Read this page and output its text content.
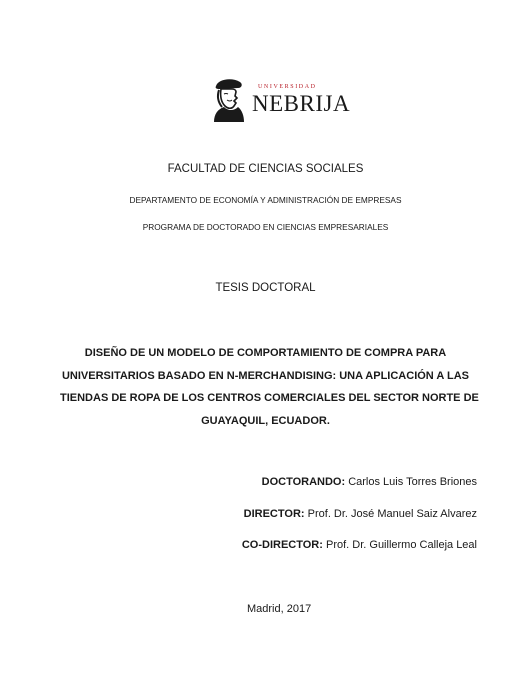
UNIVERSIDAD
NEBRIJA
FACULTAD DE CIENCIAS SOCIALES
DEPARTAMENTO DE ECONOMÍA Y ADMINISTRACIÓN DE EMPRESAS
PROGRAMA DE DOCTORADO EN CIENCIAS EMPRESARIALES
TESIS DOCTORAL
DISEÑO DE UN MODELO DE COMPORTAMIENTO DE COMPRA PARA
UNIVERSITARIOS BASADO EN N-MERCHANDISING: UNA APLICACIÓN A LAS
TIENDAS DE ROPA DE LOS CENTROS COMERCIALES DEL SECTOR NORTE DE
GUAYAQUIL, ECUADOR.
DOCTORANDO: Carlos Luis Torres Briones
DIRECTOR: Prof. Dr. José Manuel Saiz Alvarez
CO-DIRECTOR: Prof. Dr. Guillermo Calleja Leal
Madrid, 2017
